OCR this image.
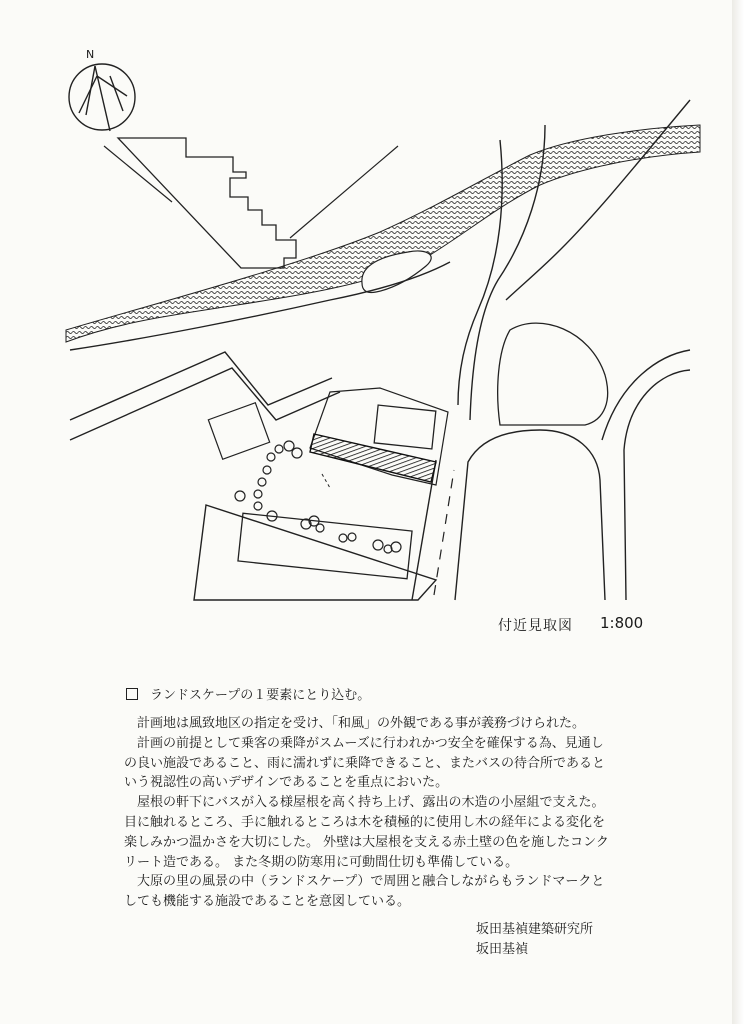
N
付近見取図 1:800
ランドスケープの１要素にとり込む。

計画地は風致地区の指定を受け、「和風」の外観である事が義務づけられた。

計画の前提として乗客の乗降がスムーズに行われかつ安全を確保する為、見通しの良い施設であること、雨に濡れずに乗降できること、またバスの待合所であるという視認性の高いデザインであることを重点においた。

屋根の軒下にバスが入る様屋根を高く持ち上げ、露出の木造の小屋組で支えた。 目に触れるところ、手に触れるところは木を積極的に使用し木の経年による変化を楽しみかつ温かさを大切にした。 外壁は大屋根を支える赤土壁の色を施したコンクリート造である。 また冬期の防寒用に可動間仕切も準備している。

大原の里の風景の中（ランドスケープ）で周囲と融合しながらもランドマークとしても機能する施設であることを意図している。

坂田基禎建築研究所
坂田基禎
